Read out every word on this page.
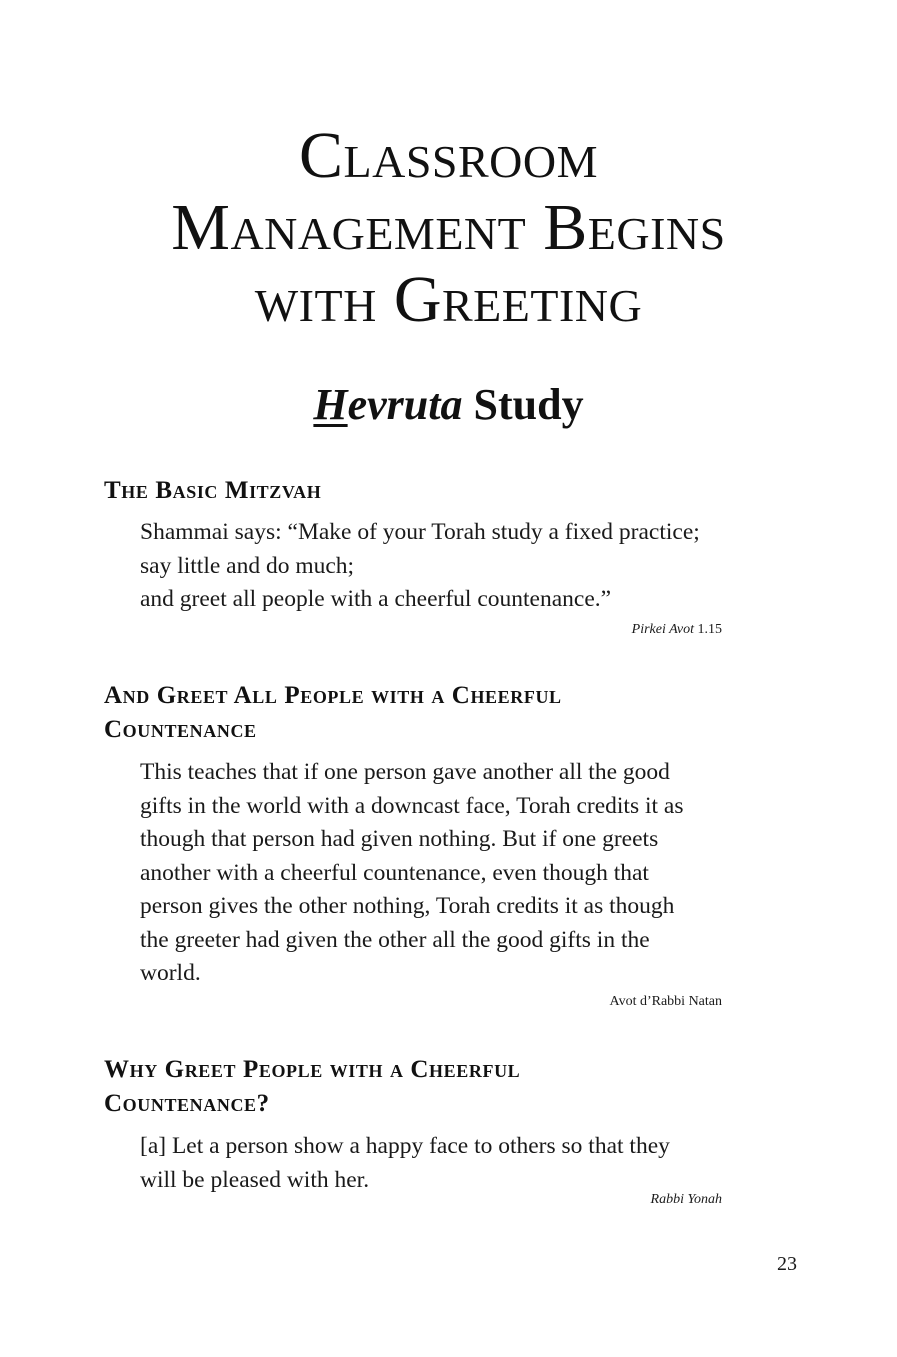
Classroom
Management Begins
with Greeting
Hevruta Study
The Basic Mitzvah

Shammai says: “Make of your Torah study a fixed practice;
say little and do much;
and greet all people with a cheerful countenance.”

Pirkei Avot 1.15

And Greet All People with a Cheerful
Countenance

This teaches that if one person gave another all the good
gifts in the world with a downcast face, Torah credits it as
though that person had given nothing. But if one greets
another with a cheerful countenance, even though that
person gives the other nothing, Torah credits it as though
the greeter had given the other all the good gifts in the
world.

Avot d’Rabbi Natan

Why Greet People with a Cheerful
Countenance?

[a] Let a person show a happy face to others so that they
will be pleased with her.

Rabbi Yonah

23
